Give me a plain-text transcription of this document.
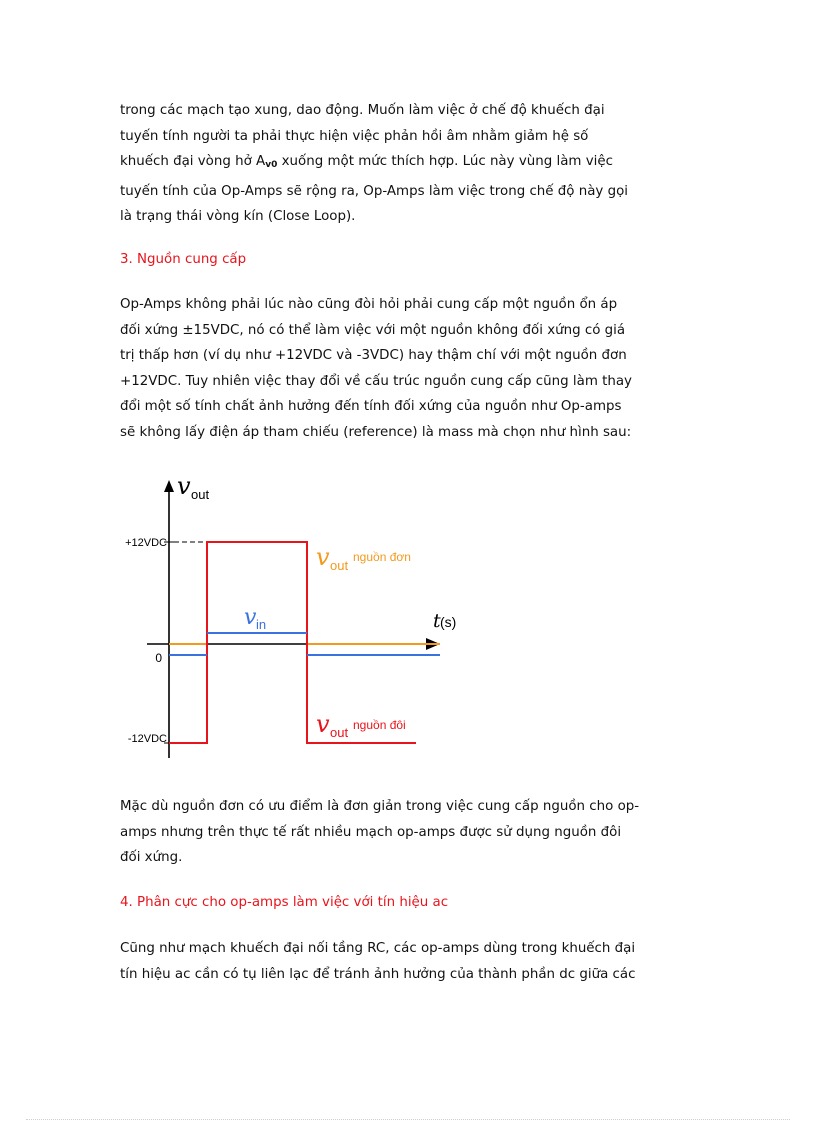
trong các mạch tạo xung, dao động. Muốn làm việc ở chế độ khuếch đại
tuyến tính người ta phải thực hiện việc phản hồi âm nhằm giảm hệ số
khuếch đại vòng hở $A_{v0}$ xuống một mức thích hợp. Lúc này vùng làm việc
tuyến tính của Op-Amps sẽ rộng ra, Op-Amps làm việc trong chế độ này gọi
là trạng thái vòng kín (Close Loop).
3. Nguồn cung cấp
Op-Amps không phải lúc nào cũng đòi hỏi phải cung cấp một nguồn ổn áp
đối xứng ±15VDC, nó có thể làm việc với một nguồn không đối xứng có giá
trị thấp hơn (ví dụ như +12VDC và -3VDC) hay thậm chí với một nguồn đơn
+12VDC. Tuy nhiên việc thay đổi về cấu trúc nguồn cung cấp cũng làm thay
đổi một số tính chất ảnh hưởng đến tính đối xứng của nguồn như Op-amps
sẽ không lấy điện áp tham chiếu (reference) là mass mà chọn như hình sau:
v out
t (s)
+12VDC
0
-12VDC
v in
v out
nguồn đơn
v out nguồn đôi
Mặc dù nguồn đơn có ưu điểm là đơn giản trong việc cung cấp nguồn cho op-
amps nhưng trên thực tế rất nhiều mạch op-amps được sử dụng nguồn đôi
đối xứng.
4. Phân cực cho op-amps làm việc với tín hiệu ac
Cũng như mạch khuếch đại nối tầng RC, các op-amps dùng trong khuếch đại
tín hiệu ac cần có tụ liên lạc để tránh ảnh hưởng của thành phần dc giữa các
